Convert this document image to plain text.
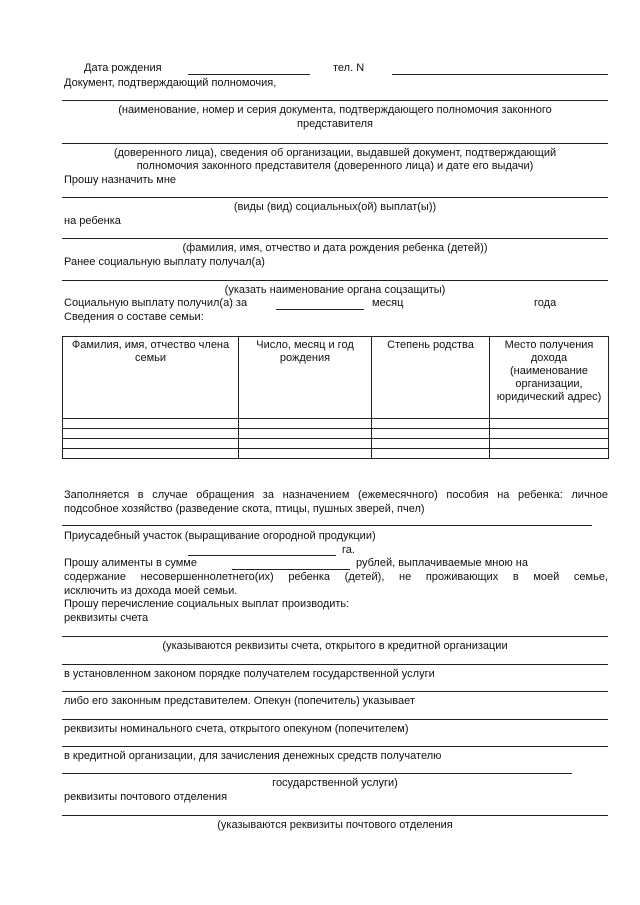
Дата рождения	тел. N
Документ, подтверждающий полномочия,
(наименование, номер и серия документа, подтверждающего полномочия законного
представителя
(доверенного лица), сведения об организации, выдавшей документ, подтверждающий
полномочия законного представителя (доверенного лица) и дате его выдачи)
Прошу назначить мне
(виды (вид) социальных(ой) выплат(ы))
на ребенка
(фамилия, имя, отчество и дата рождения ребенка (детей))
Ранее социальную выплату получал(а)
(указать наименование органа соцзащиты)
Социальную выплату получил(а) за	месяц	года
Сведения о составе семьи:
Фамилия, имя, отчество члена семьи	Число, месяц и год рождения	Степень родства	Место получения дохода (наименование организации, юридический адрес)

Заполняется в случае обращения за назначением (ежемесячного) пособия на ребенка: личное
подсобное хозяйство (разведение скота, птицы, пушных зверей, пчел)
Приусадебный участок (выращивание огородной продукции)
га.
Прошу алименты в сумме	рублей, выплачиваемые мною на
содержание несовершеннолетнего(их) ребенка (детей), не проживающих в моей семье,
исключить из дохода моей семьи.
Прошу перечисление социальных выплат производить:
реквизиты счета
(указываются реквизиты счета, открытого в кредитной организации
в установленном законом порядке получателем государственной услуги
либо его законным представителем. Опекун (попечитель) указывает
реквизиты номинального счета, открытого опекуном (попечителем)
в кредитной организации, для зачисления денежных средств получателю
государственной услуги)
реквизиты почтового отделения
(указываются реквизиты почтового отделения
